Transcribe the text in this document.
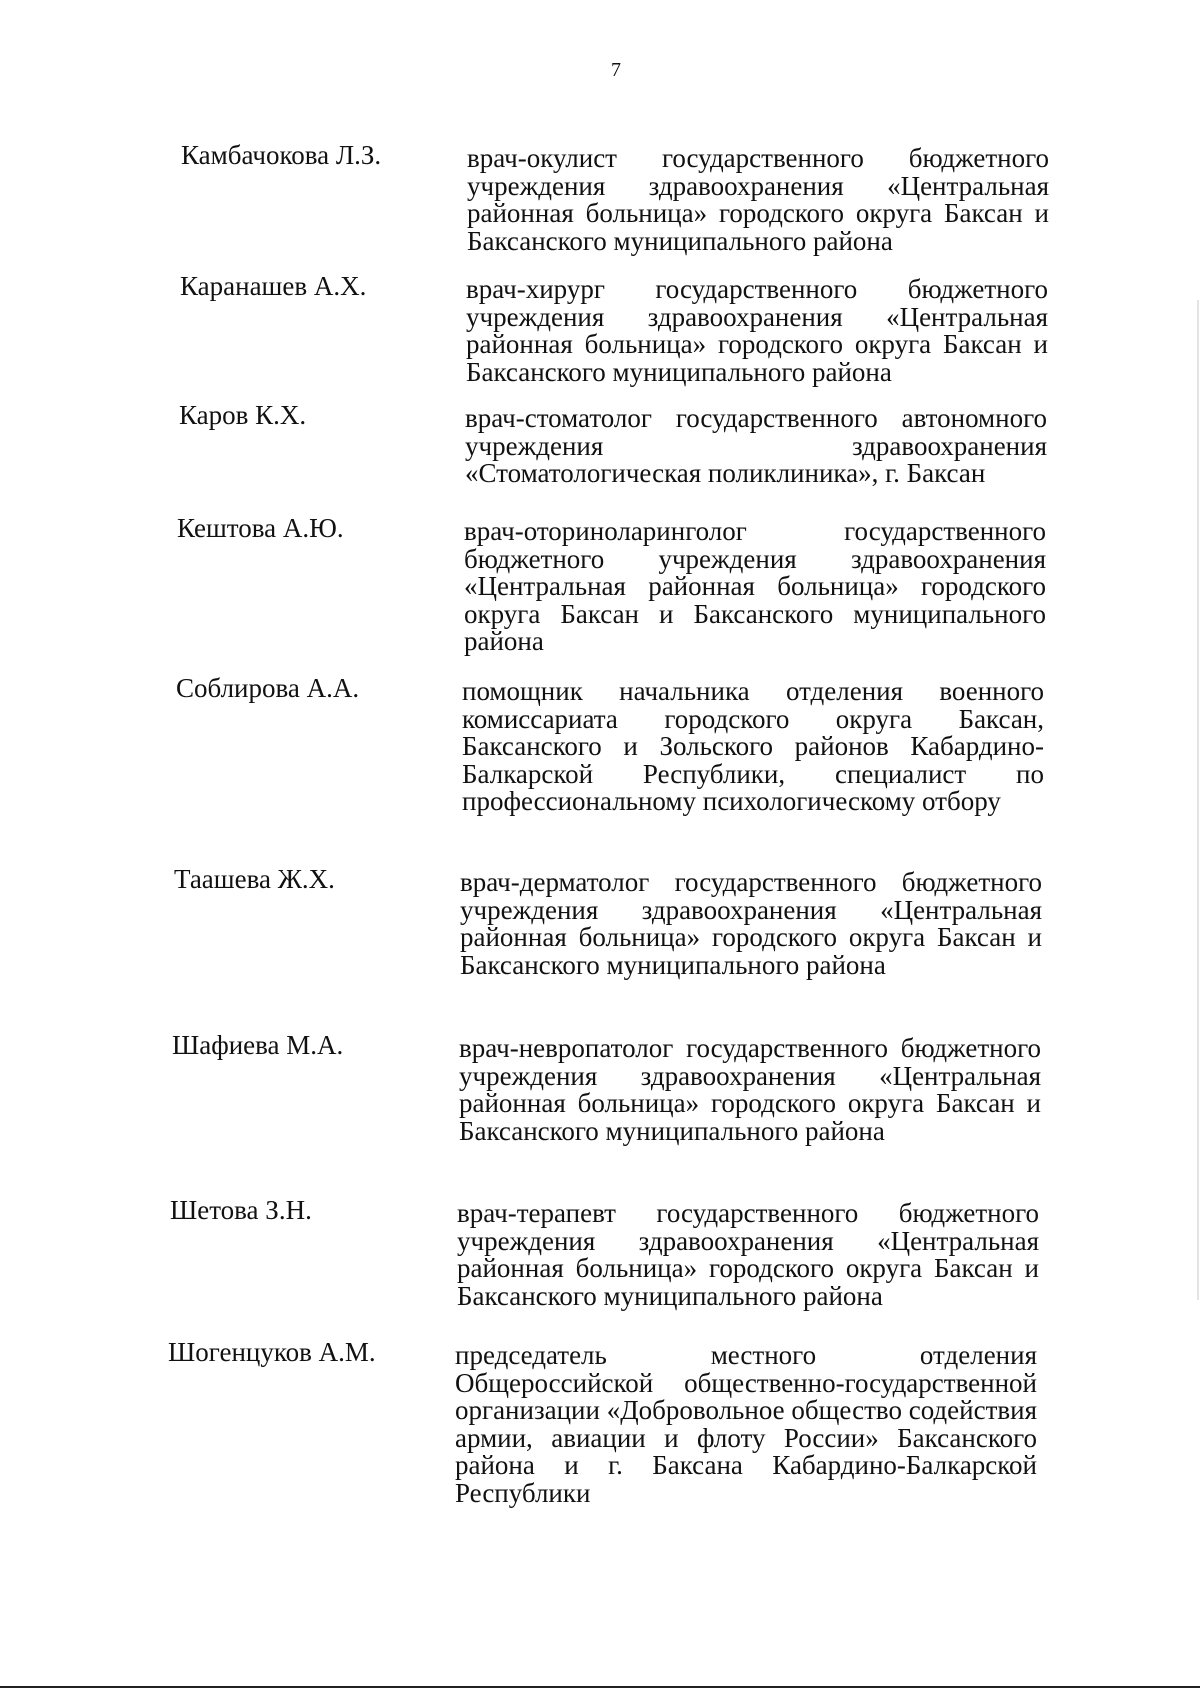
7
Камбачокова Л.З.	врач-окулист государственного бюджетного учреждения здравоохранения «Центральная районная больница» городского округа Баксан и Баксанского муниципального района
Каранашев А.Х.	врач-хирург государственного бюджетного учреждения здравоохранения «Центральная районная больница» городского округа Баксан и Баксанского муниципального района
Каров К.Х.	врач-стоматолог государственного автономного учреждения здравоохранения «Стоматологическая поликлиника», г. Баксан
Кештова А.Ю.	врач-оториноларинголог государственного бюджетного учреждения здравоохранения «Центральная районная больница» городского округа Баксан и Баксанского муниципального района
Соблирова А.А.	помощник начальника отделения военного комиссариата городского округа Баксан, Баксанского и Зольского районов Кабардино-Балкарской Республики, специалист по профессиональному психологическому отбору
Таашева Ж.Х.	врач-дерматолог государственного бюджетного учреждения здравоохранения «Центральная районная больница» городского округа Баксан и Баксанского муниципального района
Шафиева М.А.	врач-невропатолог государственного бюджетного учреждения здравоохранения «Центральная районная больница» городского округа Баксан и Баксанского муниципального района
Шетова З.Н.	врач-терапевт государственного бюджетного учреждения здравоохранения «Центральная районная больница» городского округа Баксан и Баксанского муниципального района
Шогенцуков А.М.	председатель местного отделения Общероссийской общественно-государственной организации «Добровольное общество содействия армии, авиации и флоту России» Баксанского района и г. Баксана Кабардино-Балкарской Республики
